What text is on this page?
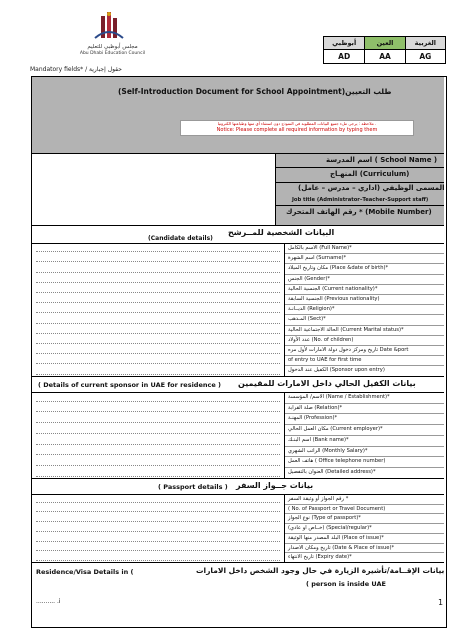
مجلس أبوظبي للتعليم
Abu Dhabi Education Council
Mandatory fields* / حقول إجبارية
أبوظبي
AD
العين
AA
الغربية
AG
(Self-Introduction Document for School Appointment)طلب التعيين
ملاحظة : يرجى ملء جميع البيانات المطلوبة في النموذج دون استثناء أي منها وطباعتها الكترونيا .
Notice: Please complete all required information by typing them
اسم المدرسة ( School Name )
المنهـاج (Curriculum)
المسمى الوظيفي (اداري – مدرس – عامل)
Job title (Administrator–Teacher-Support staff)
رقم الهاتف المتحرك * (Mobile Number)
البيانات الشخصية للمــرشح
(Candidate details)
الاسم بالكامل (Full Name)*
اسم الشهرة (Surname)*
مكان وتاريخ الميلاد (Place &date of birth)*
الجنس (Gender)*
الجنسية الحالية (Current nationality)*
الجنسية السابقة (Previous nationality)
الديــانـة (Religion)*
المـذهب (Sect)*
الحالة الاجتماعية الحالية (Current Marital status)*
عدد الأولاد (No. of children)
تاريخ ومركز دخول دولة الامارات لأول مره Date &port
of entry to UAE for first time
الكفيل عند الدخول (Sponsor upon entry)
بيانات الكفيل الحالي داخل الامارات للمقيمين
( Details of current sponsor in UAE for residence )
الاسم/ المؤسسة (Name / Establishment)*
صلة القرابة (Relation)*
المهنـة (Profession)*
مكان العمل الحالي (Current employer)*
اسم البنـك (Bank name)*
الراتب الشهري (Monthly Salary)*
هاتف العمل ( Office telephone number)
العنوان بالتفصيل (Detailed address)*
بيانات جــواز السفر
( Passport details )
رقم الجواز أو وثيقة السفر *
( No. of Passport or Travel Document)
نوع الجواز (Type of passport)*
(خــاص او عادي) (Special/regular)*
البلد المصدر منها الوثيقة (Place of issue)*
تاريخ ومكان الاصدار (Date & Place of issue)*
تاريخ الانتهاء (Expiry date)*
بيانات الإقــامة/تأشيرة الزيارة في حال وجود الشخص داخل الامارات
Residence/Visa Details in (
( person is inside UAE
.......... .i	1
